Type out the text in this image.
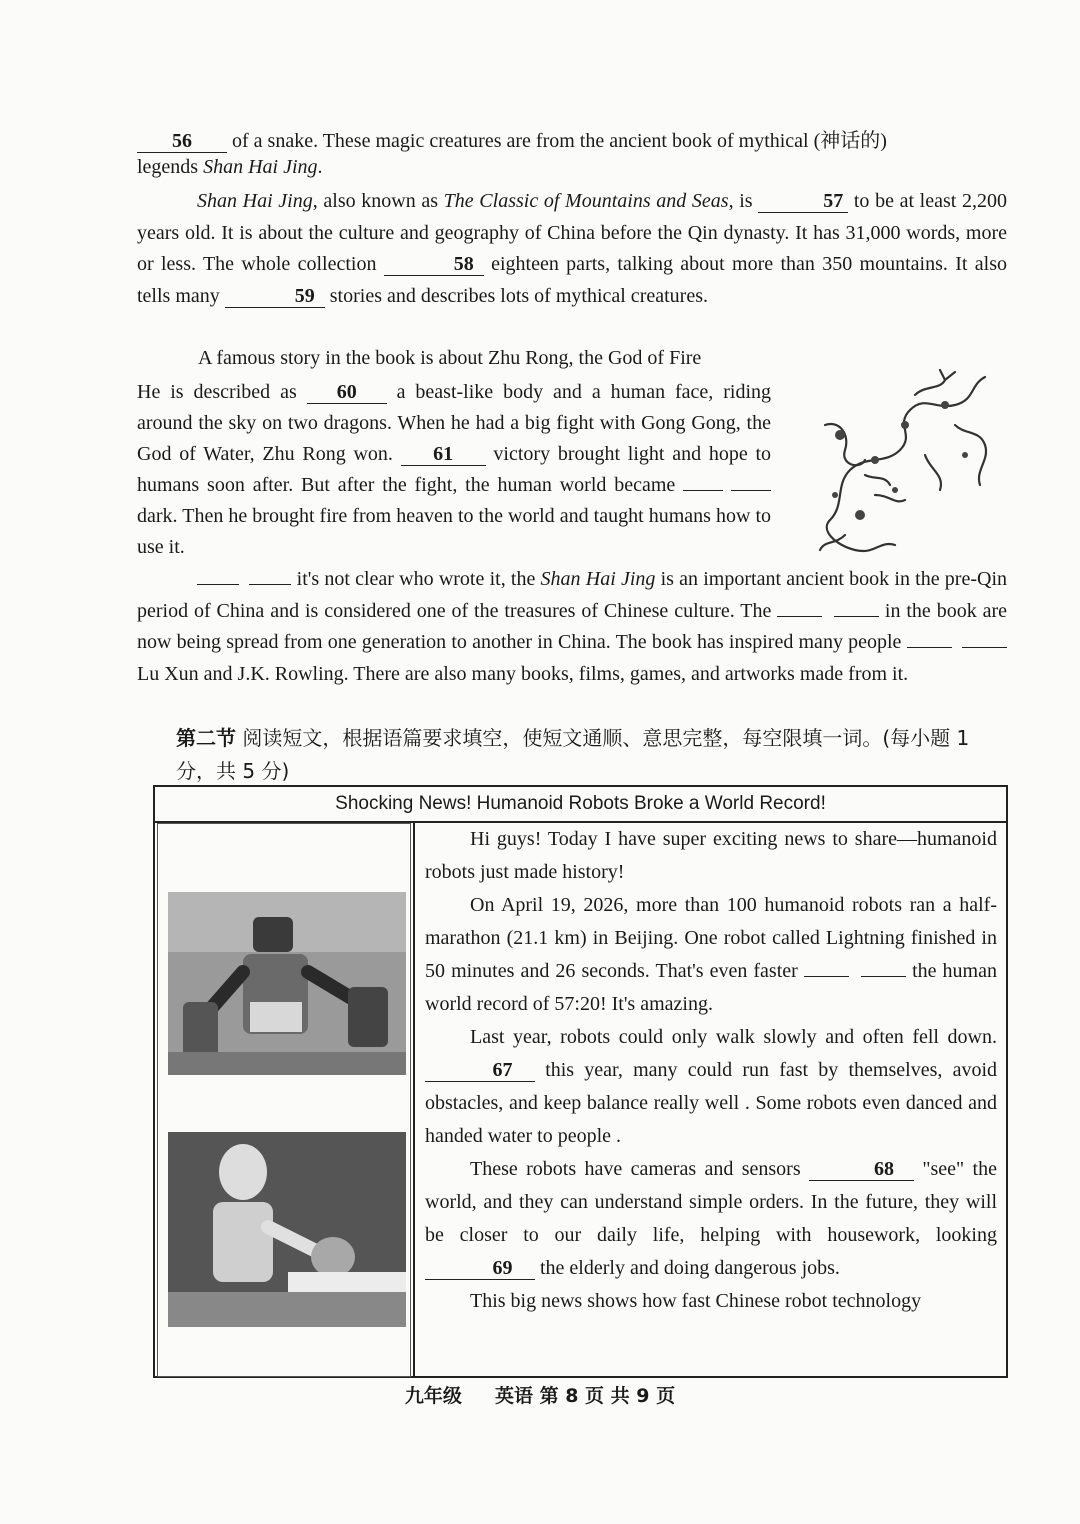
56 of a snake. These magic creatures are from the ancient book of mythical (神话的)
legends Shan Hai Jing.

Shan Hai Jing, also known as The Classic of Mountains and Seas, is	57 to be at least 2,200 years old. It is about the culture and geography of China before the Qin dynasty. It has 31,000 words, more or less. The whole collection	58 eighteen parts, talking about more than 350 mountains. It also tells many	59 stories and describes lots of mythical creatures.

A famous story in the book is about Zhu Rong, the God of Fire

He is described as 60 a beast-like body and a human face, riding around the sky on two dragons. When he had a big fight with Gong Gong, the God of Water, Zhu Rong won. 61 victory brought light and hope to humans soon after. But after the fight, the human world became   dark. Then he brought fire from heaven to the world and taught humans how to use it.

it's not clear who wrote it, the Shan Hai Jing is an important ancient book in the pre-Qin period of China and is considered one of the treasures of Chinese culture. The	in the book are now being spread from one generation to another in China. The book has inspired many people    Lu Xun and J.K. Rowling. There are also many books, films, games, and artworks made from it.

第二节 阅读短文，根据语篇要求填空，使短文通顺、意思完整，每空限填一词。(每小题 1 分，共 5 分)
Shocking News! Humanoid Robots Broke a World Record!

Hi guys! Today I have super exciting news to share—humanoid robots just made history!

On April 19, 2026, more than 100 humanoid robots ran a half-marathon (21.1 km) in Beijing. One robot called Lightning finished in 50 minutes and 26 seconds. That's even faster	the human world record of 57:20! It's amazing.

Last year, robots could only walk slowly and often fell down. 67 this year, many could run fast by themselves, avoid obstacles, and keep balance really well . Some robots even danced and handed water to people .

These robots have cameras and sensors	68 "see" the world, and they can understand simple orders. In the future, they will be closer to our daily life, helping with housework, looking 69 the elderly and doing dangerous jobs.

This big news shows how fast Chinese robot technology

九年级 英语 第 8 页 共 9 页
